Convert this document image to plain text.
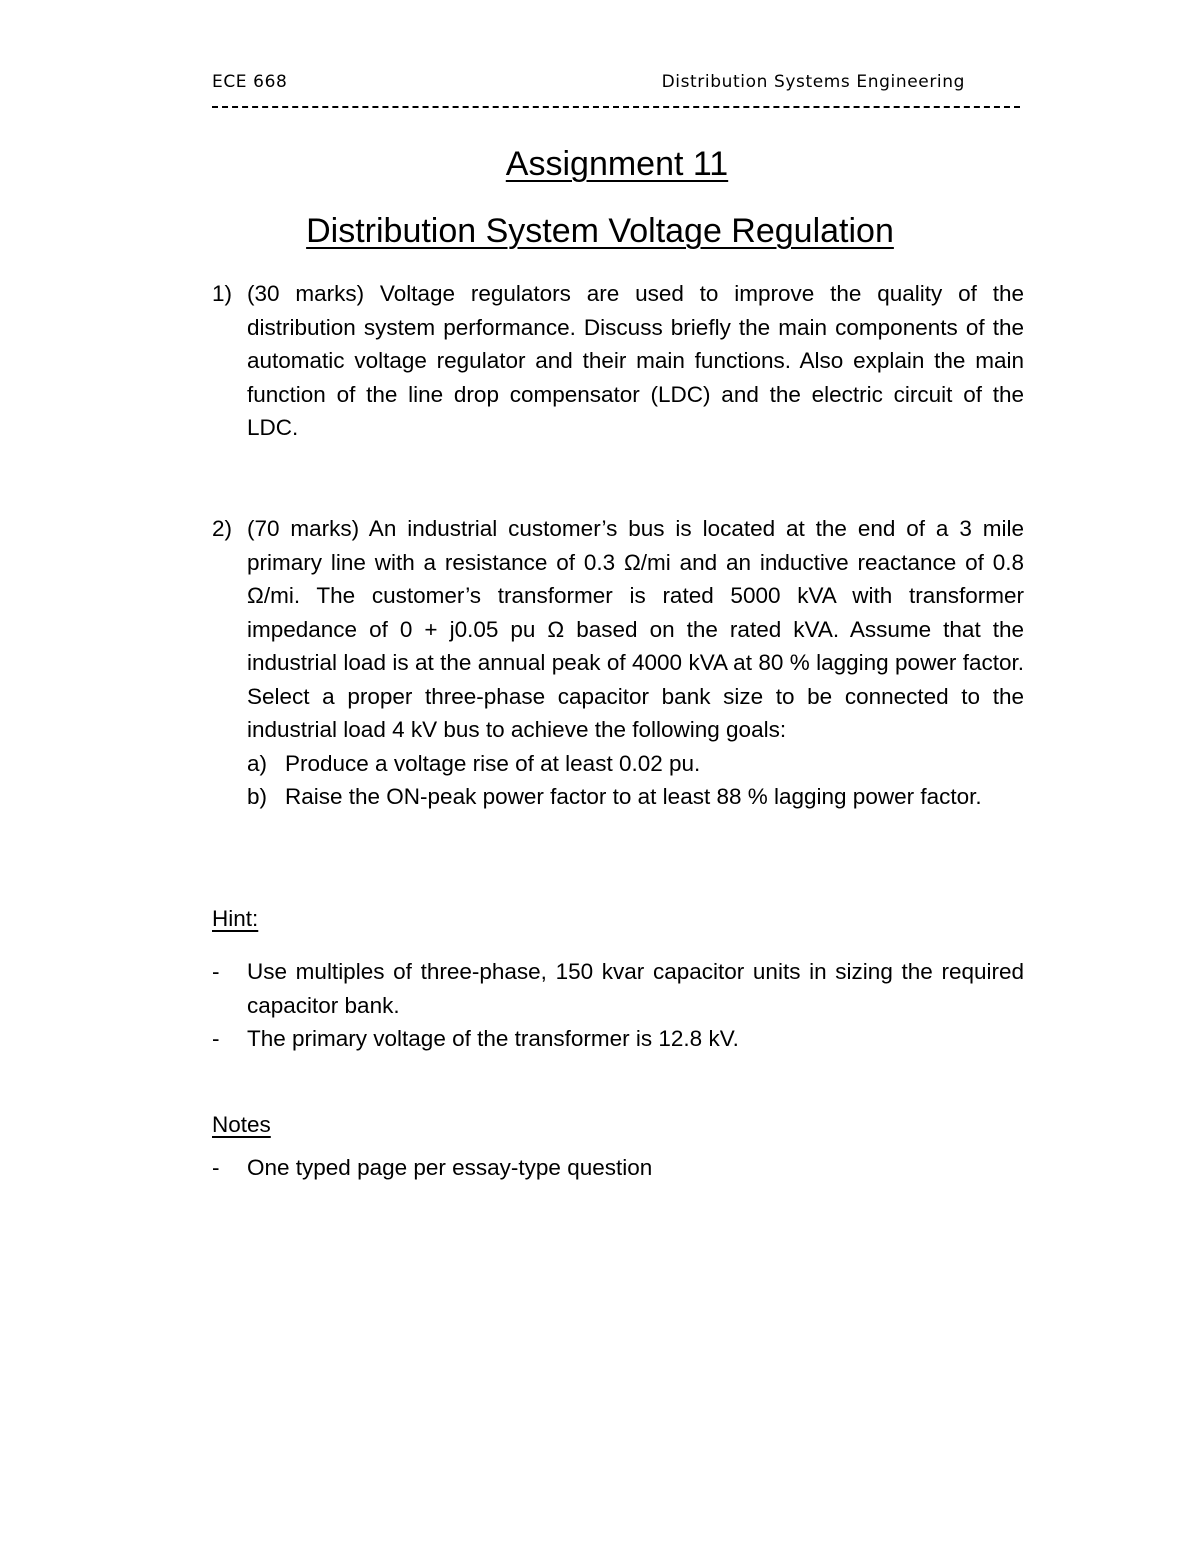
ECE 668	Distribution Systems Engineering
Assignment 11
Distribution System Voltage Regulation
1) (30 marks) Voltage regulators are used to improve the quality of the distribution system performance. Discuss briefly the main components of the automatic voltage regulator and their main functions. Also explain the main function of the line drop compensator (LDC) and the electric circuit of the LDC.
2) (70 marks) An industrial customer’s bus is located at the end of a 3 mile primary line with a resistance of 0.3 Ω/mi and an inductive reactance of 0.8 Ω/mi. The customer’s transformer is rated 5000 kVA with transformer impedance of 0 + j0.05 pu Ω based on the rated kVA. Assume that the industrial load is at the annual peak of 4000 kVA at 80 % lagging power factor. Select a proper three-phase capacitor bank size to be connected to the industrial load 4 kV bus to achieve the following goals:
a) Produce a voltage rise of at least 0.02 pu.
b) Raise the ON-peak power factor to at least 88 % lagging power factor.
Hint:
- Use multiples of three-phase, 150 kvar capacitor units in sizing the required capacitor bank.
- The primary voltage of the transformer is 12.8 kV.
Notes
- One typed page per essay-type question
